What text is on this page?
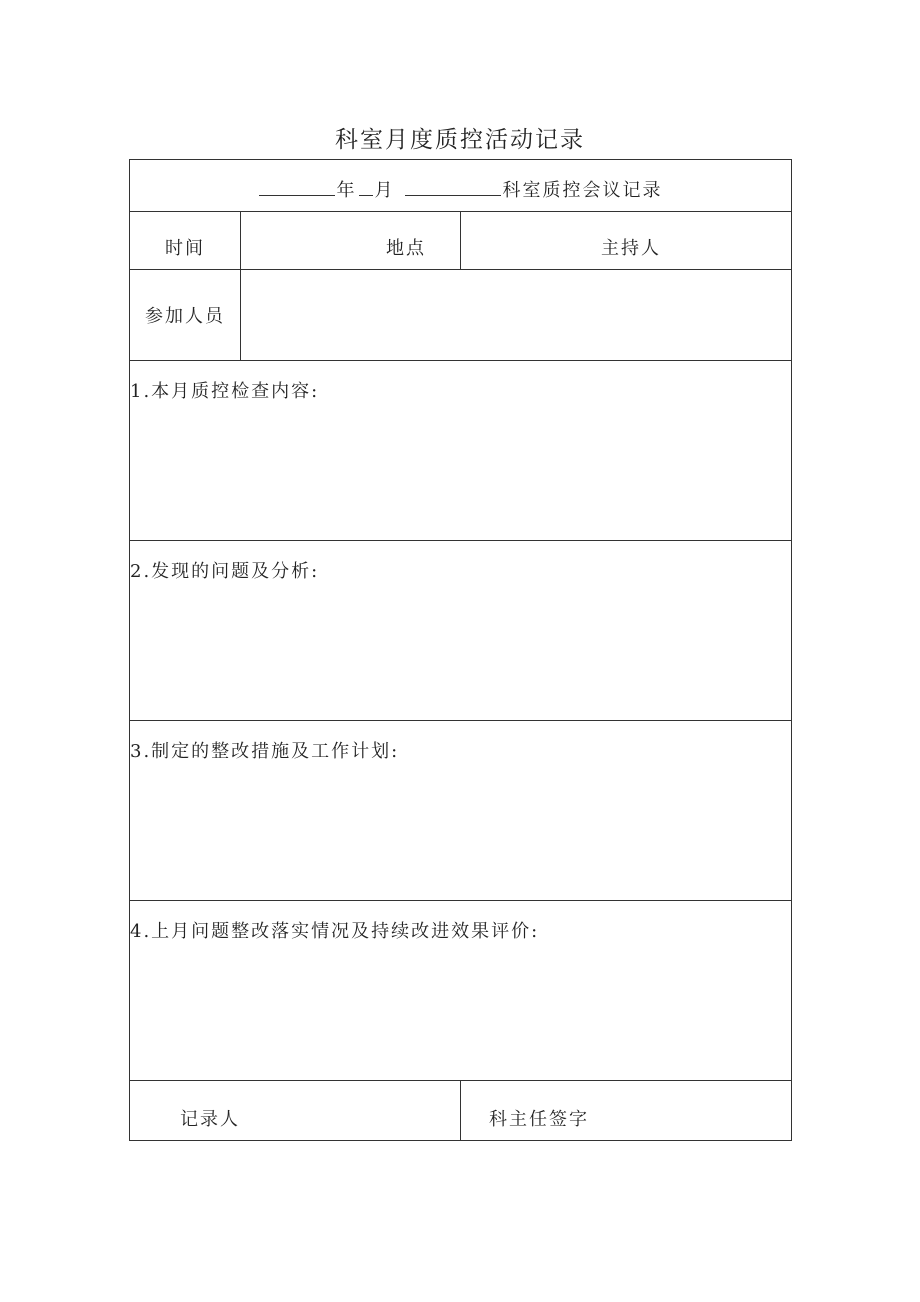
科室月度质控活动记录
年 月 科室质控会议记录		
时间	地点	主持人
参加人员		

1.本月质控检查内容:		

2.发现的问题及分析:		

3.制定的整改措施及工作计划:		

4.上月问题整改落实情况及持续改进效果评价:		

记录人		科主任签字
